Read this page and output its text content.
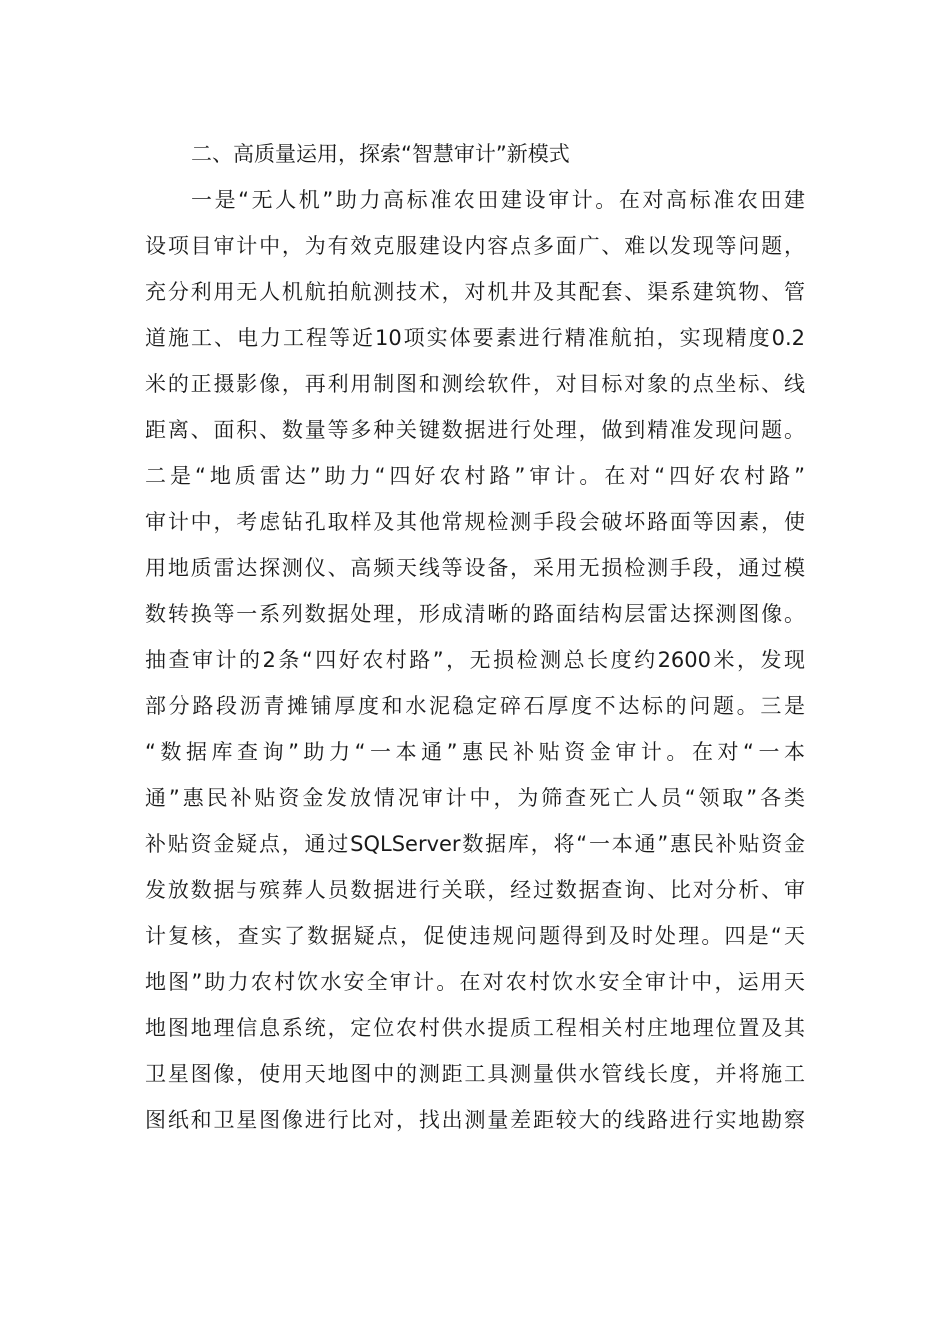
二、高质量运用，探索“智慧审计”新模式
一是“无人机”助力高标准农田建设审计。在对高标准农田建
设项目审计中，为有效克服建设内容点多面广、难以发现等问题，
充分利用无人机航拍航测技术，对机井及其配套、渠系建筑物、管
道施工、电力工程等近10项实体要素进行精准航拍，实现精度0.2
米的正摄影像，再利用制图和测绘软件，对目标对象的点坐标、线
距离、面积、数量等多种关键数据进行处理，做到精准发现问题。
二是“地质雷达”助力“四好农村路”审计。在对“四好农村路”
审计中，考虑钻孔取样及其他常规检测手段会破坏路面等因素，使
用地质雷达探测仪、高频天线等设备，采用无损检测手段，通过模
数转换等一系列数据处理，形成清晰的路面结构层雷达探测图像。
抽查审计的2条“四好农村路”，无损检测总长度约2600米，发现
部分路段沥青摊铺厚度和水泥稳定碎石厚度不达标的问题。三是
“数据库查询”助力“一本通”惠民补贴资金审计。在对“一本
通”惠民补贴资金发放情况审计中，为筛查死亡人员“领取”各类
补贴资金疑点，通过SQLServer数据库，将“一本通”惠民补贴资金
发放数据与殡葬人员数据进行关联，经过数据查询、比对分析、审
计复核，查实了数据疑点，促使违规问题得到及时处理。四是“天
地图”助力农村饮水安全审计。在对农村饮水安全审计中，运用天
地图地理信息系统，定位农村供水提质工程相关村庄地理位置及其
卫星图像，使用天地图中的测距工具测量供水管线长度，并将施工
图纸和卫星图像进行比对，找出测量差距较大的线路进行实地勘察
